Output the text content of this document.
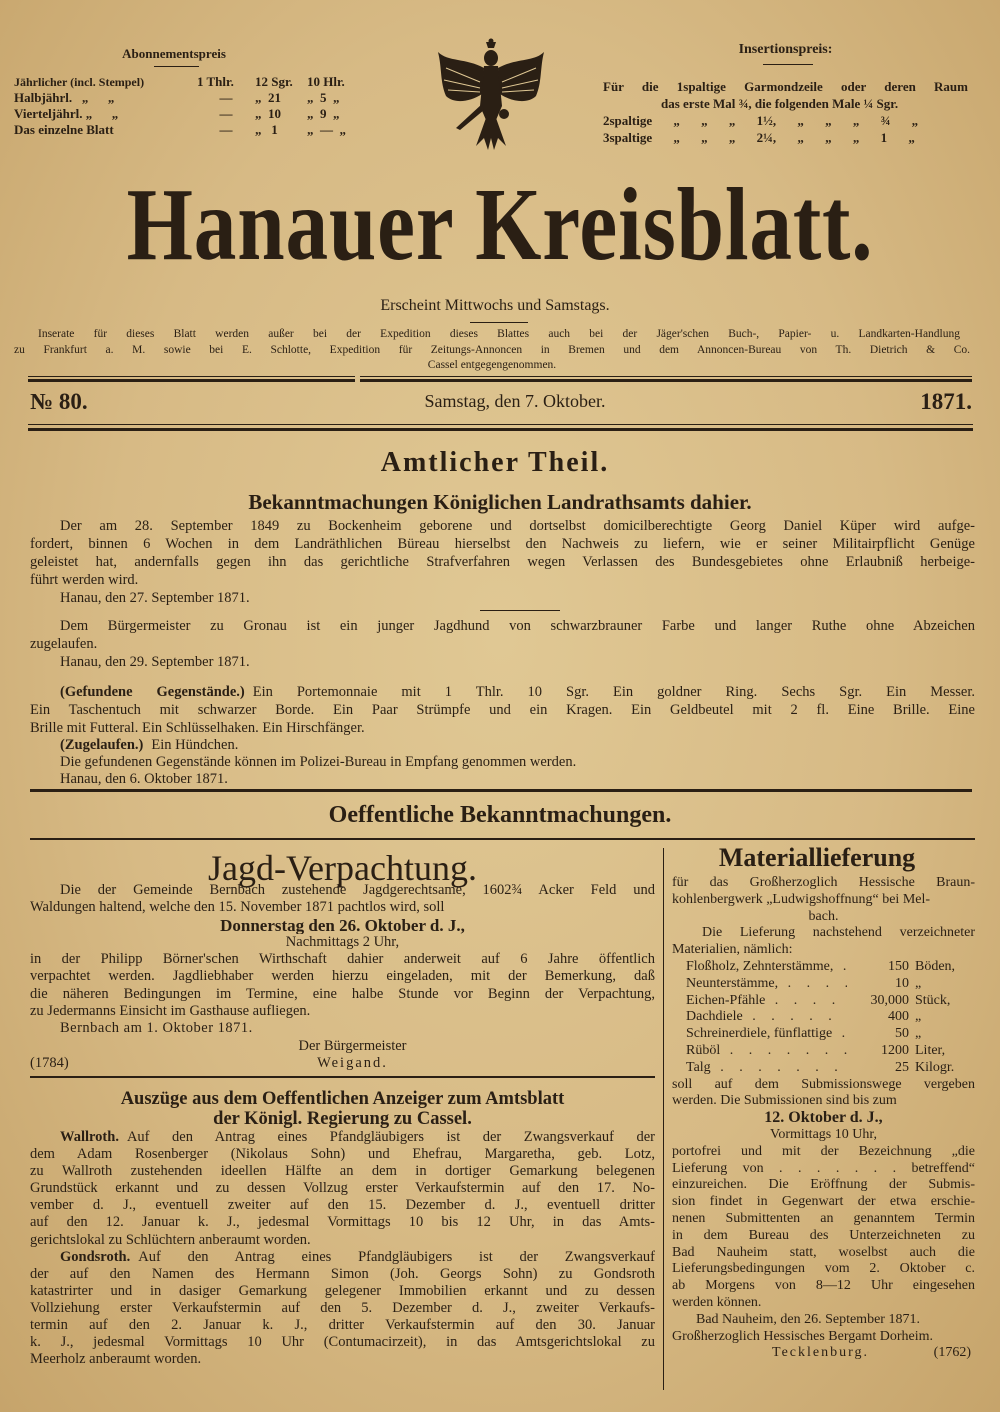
Abonnementspreis
Jährlicher (incl. Stempel)	1 Thlr.	12 Sgr.	10 Hlr.
Halbjährl.   „      „	—	„  21	„  5  „
Vierteljährl. „      „	—	„  10	„  9  „
Das einzelne Blatt	—	„   1	„  —  „
Insertionspreis:
Für die 1spaltige Garmondzeile oder deren Raum
das erste Mal ¾, die folgenden Male ¼ Sgr.
2spaltige „ „ „ 1½, „ „ „ ¾ „
3spaltige „ „ „ 2¼, „ „ „ 1 „
Hanauer Kreisblatt.
Erscheint Mittwochs und Samstags.
Inserate für dieses Blatt werden außer bei der Expedition dieses Blattes auch bei der Jäger'schen Buch-, Papier- u. Landkarten-Handlung
zu Frankfurt a. M. sowie bei E. Schlotte, Expedition für Zeitungs-Annoncen in Bremen und dem Annoncen-Bureau von Th. Dietrich & Co.
Cassel entgegengenommen.
№ 80.	Samstag, den 7. Oktober.	1871.
Amtlicher Theil.
Bekanntmachungen Königlichen Landrathsamts dahier.
Der am 28. September 1849 zu Bockenheim geborene und dortselbst domicilberechtigte Georg Daniel Küper wird aufge-
fordert, binnen 6 Wochen in dem Landräthlichen Büreau hierselbst den Nachweis zu liefern, wie er seiner Militairpflicht Genüge
geleistet hat, andernfalls gegen ihn das gerichtliche Strafverfahren wegen Verlassen des Bundesgebietes ohne Erlaubniß herbeige-
führt werden wird.
Hanau, den 27. September 1871.
Dem Bürgermeister zu Gronau ist ein junger Jagdhund von schwarzbrauner Farbe und langer Ruthe ohne Abzeichen
zugelaufen.
Hanau, den 29. September 1871.
(Gefundene Gegenstände.) Ein Portemonnaie mit 1 Thlr. 10 Sgr. Ein goldner Ring. Sechs Sgr. Ein Messer.
Ein Taschentuch mit schwarzer Borde. Ein Paar Strümpfe und ein Kragen. Ein Geldbeutel mit 2 fl. Eine Brille. Eine
Brille mit Futteral. Ein Schlüsselhaken. Ein Hirschfänger.
(Zugelaufen.) Ein Hündchen.
Die gefundenen Gegenstände können im Polizei-Bureau in Empfang genommen werden.
Hanau, den 6. Oktober 1871.
Oeffentliche Bekanntmachungen.
Jagd-Verpachtung.
Die der Gemeinde Bernbach zustehende Jagdgerechtsame, 1602¾ Acker Feld und
Waldungen haltend, welche den 15. November 1871 pachtlos wird, soll
Donnerstag den 26. Oktober d. J.,
Nachmittags 2 Uhr,
in der Philipp Börner'schen Wirthschaft dahier anderweit auf 6 Jahre öffentlich
verpachtet werden. Jagdliebhaber werden hierzu eingeladen, mit der Bemerkung, daß
die näheren Bedingungen im Termine, eine halbe Stunde vor Beginn der Verpachtung,
zu Jedermanns Einsicht im Gasthause aufliegen.
Bernbach am 1. Oktober 1871.
Der Bürgermeister
(1784)	Weigand.
Auszüge aus dem Oeffentlichen Anzeiger zum Amtsblatt
der Königl. Regierung zu Cassel.
Wallroth. Auf den Antrag eines Pfandgläubigers ist der Zwangsverkauf der
dem Adam Rosenberger (Nikolaus Sohn) und Ehefrau, Margaretha, geb. Lotz,
zu Wallroth zustehenden ideellen Hälfte an dem in dortiger Gemarkung belegenen
Grundstück erkannt und zu dessen Vollzug erster Verkaufstermin auf den 17. No-
vember d. J., eventuell zweiter auf den 15. Dezember d. J., eventuell dritter
auf den 12. Januar k. J., jedesmal Vormittags 10 bis 12 Uhr, in das Amts-
gerichtslokal zu Schlüchtern anberaumt worden.
Gondsroth. Auf den Antrag eines Pfandgläubigers ist der Zwangsverkauf
der auf den Namen des Hermann Simon (Joh. Georgs Sohn) zu Gondsroth
katastrirter und in dasiger Gemarkung gelegener Immobilien erkannt und zu dessen
Vollziehung erster Verkaufstermin auf den 5. Dezember d. J., zweiter Verkaufs-
termin auf den 2. Januar k. J., dritter Verkaufstermin auf den 30. Januar
k. J., jedesmal Vormittags 10 Uhr (Contumacirzeit), in das Amtsgerichtslokal zu
Meerholz anberaumt worden.
Materiallieferung
für das Großherzoglich Hessische Braun-
kohlenbergwerk „Ludwigshoffnung“ bei Mel-
bach.
Die Lieferung nachstehend verzeichneter
Materialien, nämlich:
Floßholz, Zehnterstämme, . . .	150 Böden,
Neunterstämme, . . .	10 „
Eichen-Pfähle . . .	30,000 Stück,
Dachdiele . . .	400 „
Schreinerdiele, fünflattige . . .	50 „
Rüböl . . .	1200 Liter,
Talg . . .	25 Kilogr.
soll auf dem Submissionswege vergeben
werden. Die Submissionen sind bis zum
12. Oktober d. J.,
Vormittags 10 Uhr,
portofrei und mit der Bezeichnung „die
Lieferung von . . . . . . . betreffend“
einzureichen. Die Eröffnung der Submis-
sion findet in Gegenwart der etwa erschie-
nenen Submittenten an genanntem Termin
in dem Bureau des Unterzeichneten zu
Bad Nauheim statt, woselbst auch die
Lieferungsbedingungen vom 2. Oktober c.
ab Morgens von 8—12 Uhr eingesehen
werden können.
Bad Nauheim, den 26. September 1871.
Großherzoglich Hessisches Bergamt Dorheim.
Tecklenburg.	(1762)
